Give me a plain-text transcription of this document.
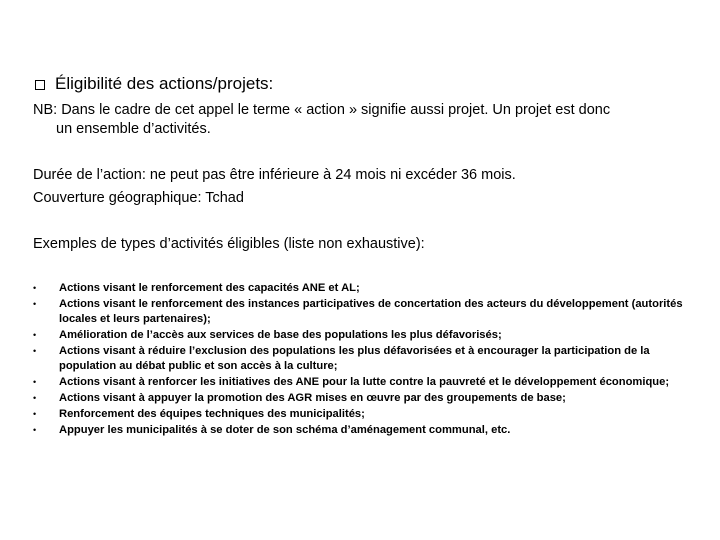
Éligibilité des actions/projets:
NB: Dans le cadre de cet appel le terme « action » signifie aussi projet. Un projet est donc
un ensemble d’activités.
Durée de l’action: ne peut pas être inférieure à 24 mois ni excéder 36 mois.
Couverture géographique: Tchad
Exemples de types d’activités éligibles (liste non exhaustive):
• Actions visant le renforcement des capacités ANE et AL;
• Actions visant le renforcement des instances participatives de concertation des acteurs du développement (autorités locales et leurs partenaires);
• Amélioration de l’accès aux services de base des populations les plus défavorisés;
• Actions visant à réduire l’exclusion des populations les plus défavorisées et à encourager la participation de la population au débat public et son accès à la culture;
• Actions visant à renforcer les initiatives des ANE pour la lutte contre la pauvreté et le développement économique;
• Actions visant à appuyer la promotion des AGR mises en œuvre par des groupements de base;
• Renforcement des équipes techniques des municipalités;
• Appuyer les municipalités à se doter de son schéma d’aménagement communal, etc.
